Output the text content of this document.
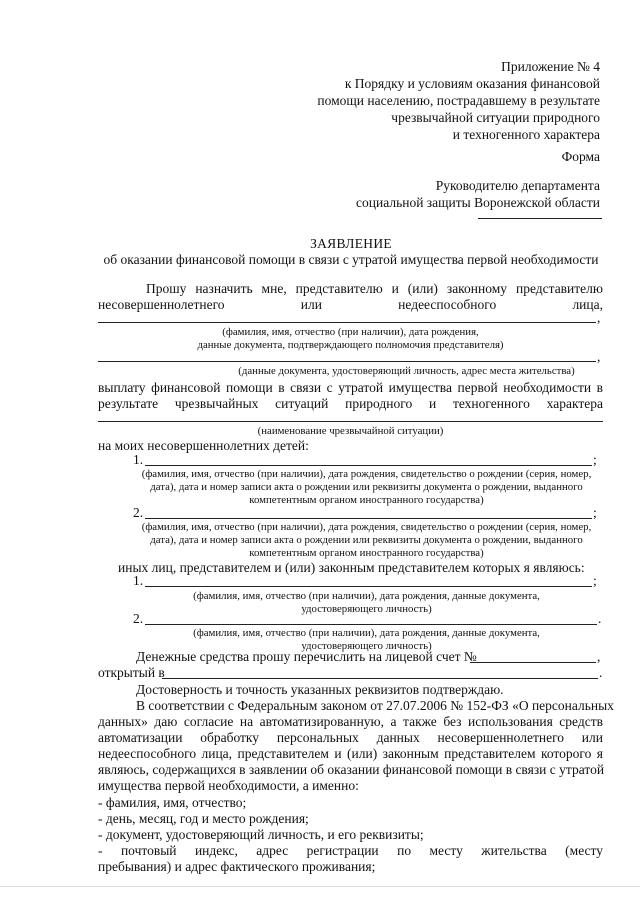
Приложение № 4
к Порядку и условиям оказания финансовой
помощи населению, пострадавшему в результате
чрезвычайной ситуации природного
и техногенного характера
Форма
Руководителю департамента
социальной защиты Воронежской области
ЗАЯВЛЕНИЕ
об оказании финансовой помощи в связи с утратой имущества первой необходимости
Прошу назначить мне, представителю и (или) законному представителю
несовершеннолетнего или недееспособного лица,
,
(фамилия, имя, отчество (при наличии), дата рождения,
данные документа, подтверждающего полномочия представителя)
,
(данные документа, удостоверяющий личность, адрес места жительства)
выплату финансовой помощи в связи с утратой имущества первой необходимости в
результате чрезвычайных ситуаций природного и техногенного характера
(наименование чрезвычайной ситуации)
на моих несовершеннолетних детей:
1.	;
(фамилия, имя, отчество (при наличии), дата рождения, свидетельство о рождении (серия, номер,
дата), дата и номер записи акта о рождении или реквизиты документа о рождении, выданного
компетентным органом иностранного государства)
2.	;
(фамилия, имя, отчество (при наличии), дата рождения, свидетельство о рождении (серия, номер,
дата), дата и номер записи акта о рождении или реквизиты документа о рождении, выданного
компетентным органом иностранного государства)
иных лиц, представителем и (или) законным представителем которых я являюсь:
1.	;
(фамилия, имя, отчество (при наличии), дата рождения, данные документа,
удостоверяющего личность)
2.	.
(фамилия, имя, отчество (при наличии), дата рождения, данные документа,
удостоверяющего личность)
Денежные средства прошу перечислить на лицевой счет №	,
открытый в	.
Достоверность и точность указанных реквизитов подтверждаю.
В соответствии с Федеральным законом от 27.07.2006 № 152-ФЗ «О персональных
данных» даю согласие на автоматизированную, а также без использования средств
автоматизации обработку персональных данных несовершеннолетнего или
недееспособного лица, представителем и (или) законным представителем которого я
являюсь, содержащихся в заявлении об оказании финансовой помощи в связи с утратой
имущества первой необходимости, а именно:
- фамилия, имя, отчество;
- день, месяц, год и место рождения;
- документ, удостоверяющий личность, и его реквизиты;
- почтовый индекс, адрес регистрации по месту жительства (месту
пребывания) и адрес фактического проживания;
